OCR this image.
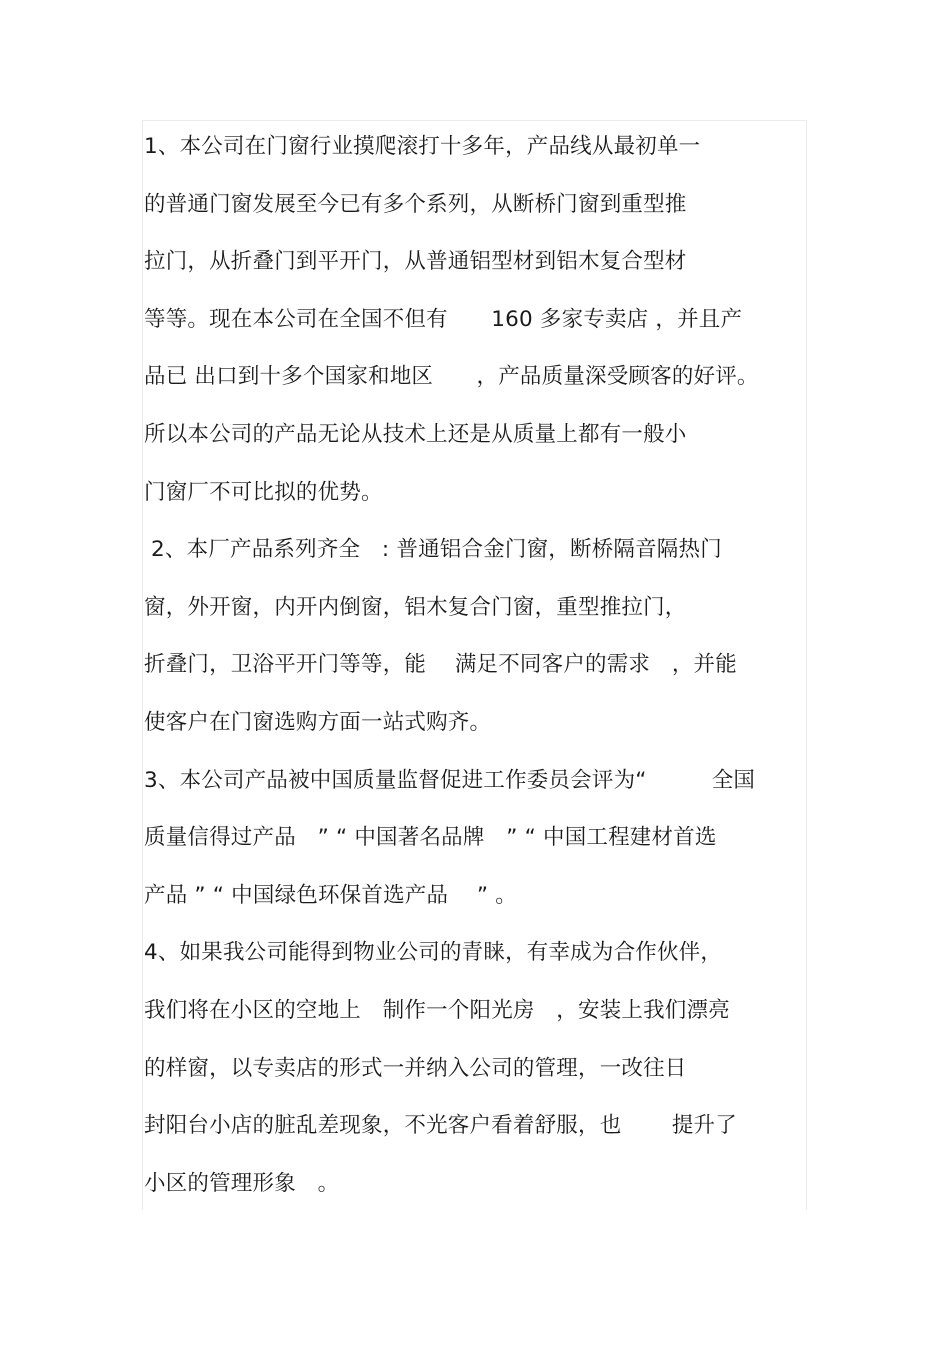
1、本公司在门窗行业摸爬滚打十多年，产品线从最初单一
的普通门窗发展至今已有多个系列，从断桥门窗到重型推
拉门，从折叠门到平开门，从普通铝型材到铝木复合型材
等等。现在本公司在全国不但有　　160 多家专卖店 ，并且产
品已 出口到十多个国家和地区　　，产品质量深受顾客的好评。
所以本公司的产品无论从技术上还是从质量上都有一般小
门窗厂不可比拟的优势。
2、本厂产品系列齐全　: 普通铝合金门窗，断桥隔音隔热门
窗，外开窗，内开内倒窗，铝木复合门窗，重型推拉门，
折叠门，卫浴平开门等等，能　 满足不同客户的需求　，并能
使客户在门窗选购方面一站式购齐。
3、本公司产品被中国质量监督促进工作委员会评为“　　　全国
质量信得过产品　” “ 中国著名品牌　” “ 中国工程建材首选
产品 ” “ 中国绿色环保首选产品　 ” 。
4、如果我公司能得到物业公司的青睐，有幸成为合作伙伴，
我们将在小区的空地上　制作一个阳光房　，安装上我们漂亮
的样窗，以专卖店的形式一并纳入公司的管理，一改往日
封阳台小店的脏乱差现象，不光客户看着舒服，也　　 提升了
小区的管理形象　。
